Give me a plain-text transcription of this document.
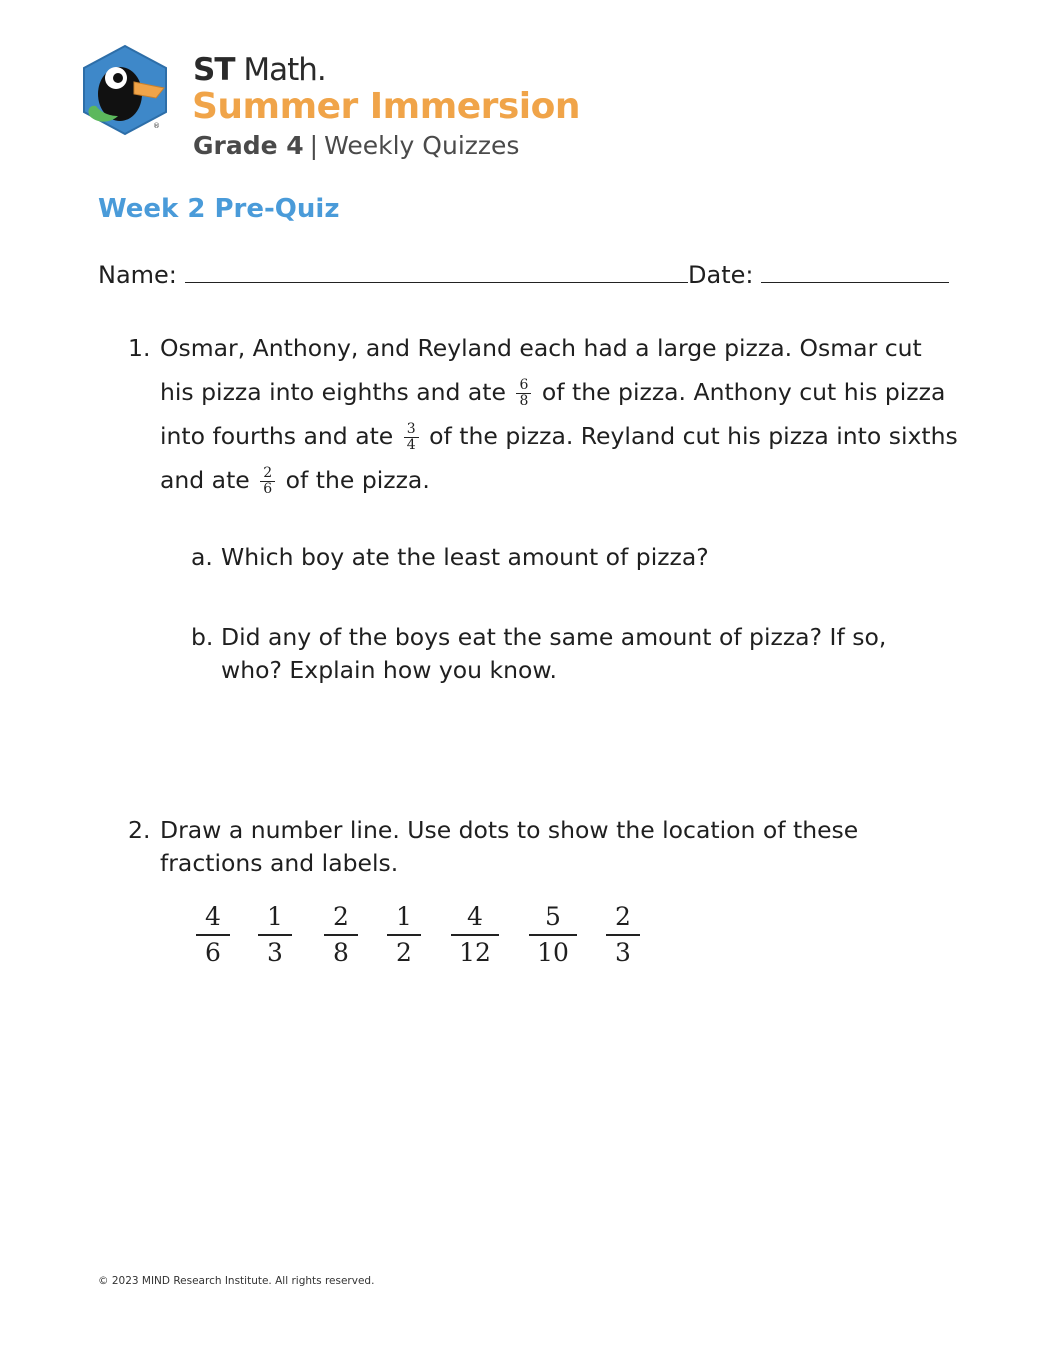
®
ST Math.
Summer Immersion
Grade 4 | Weekly Quizzes
Week 2 Pre-Quiz
Name:	Date:
1. Osmar, Anthony, and Reyland each had a large pizza. Osmar cut his pizza into eighths and ate $\frac{6}{8}$ of the pizza. Anthony cut his pizza into fourths and ate $\frac{3}{4}$ of the pizza. Reyland cut his pizza into sixths and ate $\frac{2}{6}$ of the pizza.
a. Which boy ate the least amount of pizza?
b. Did any of the boys eat the same amount of pizza? If so, who? Explain how you know.
2. Draw a number line. Use dots to show the location of these fractions and labels.
4
6
1
3
2
8
1
2
4
12
5
10
2
3
© 2023 MIND Research Institute. All rights reserved.
